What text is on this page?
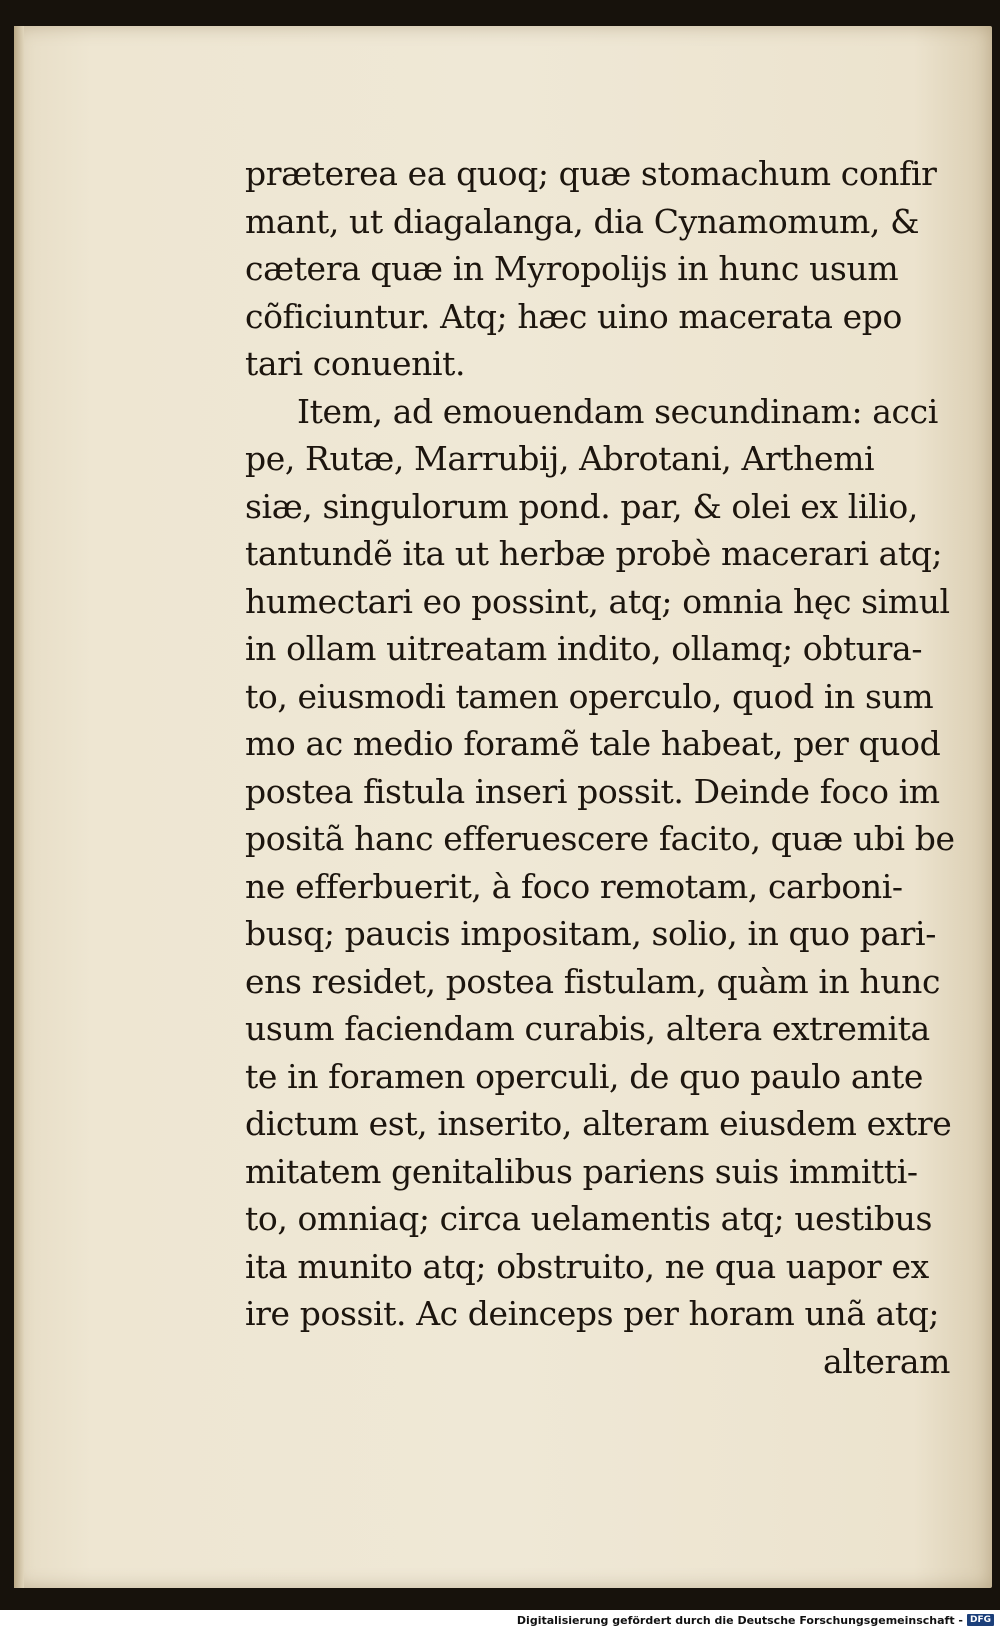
præterea ea quoq; quæ stomachum confir
mant, ut diagalanga, dia Cynamomum, &
cætera quæ in Myropolijs in hunc usum
cõficiuntur. Atq; hæc uino macerata epo
tari conuenit.
Item, ad emouendam secundinam: acci
pe, Rutæ, Marrubij, Abrotani, Arthemi
siæ, singulorum pond. par, & olei ex lilio,
tantundẽ ita ut herbæ probè macerari atq;
humectari eo possint, atq; omnia hęc simul
in ollam uitreatam indito, ollamq; obtura-
to, eiusmodi tamen operculo, quod in sum
mo ac medio foramẽ tale habeat, per quod
postea fistula inseri possit. Deinde foco im
positã hanc efferuescere facito, quæ ubi be
ne efferbuerit, à foco remotam, carboni-
busq; paucis impositam, solio, in quo pari-
ens residet, postea fistulam, quàm in hunc
usum faciendam curabis, altera extremita
te in foramen operculi, de quo paulo ante
dictum est, inserito, alteram eiusdem extre
mitatem genitalibus pariens suis immitti-
to, omniaq; circa uelamentis atq; uestibus
ita munito atq; obstruito, ne qua uapor ex
ire possit. Ac deinceps per horam unã atq;
alteram
Digitalisierung gefördert durch die Deutsche Forschungsgemeinschaft - DFG
